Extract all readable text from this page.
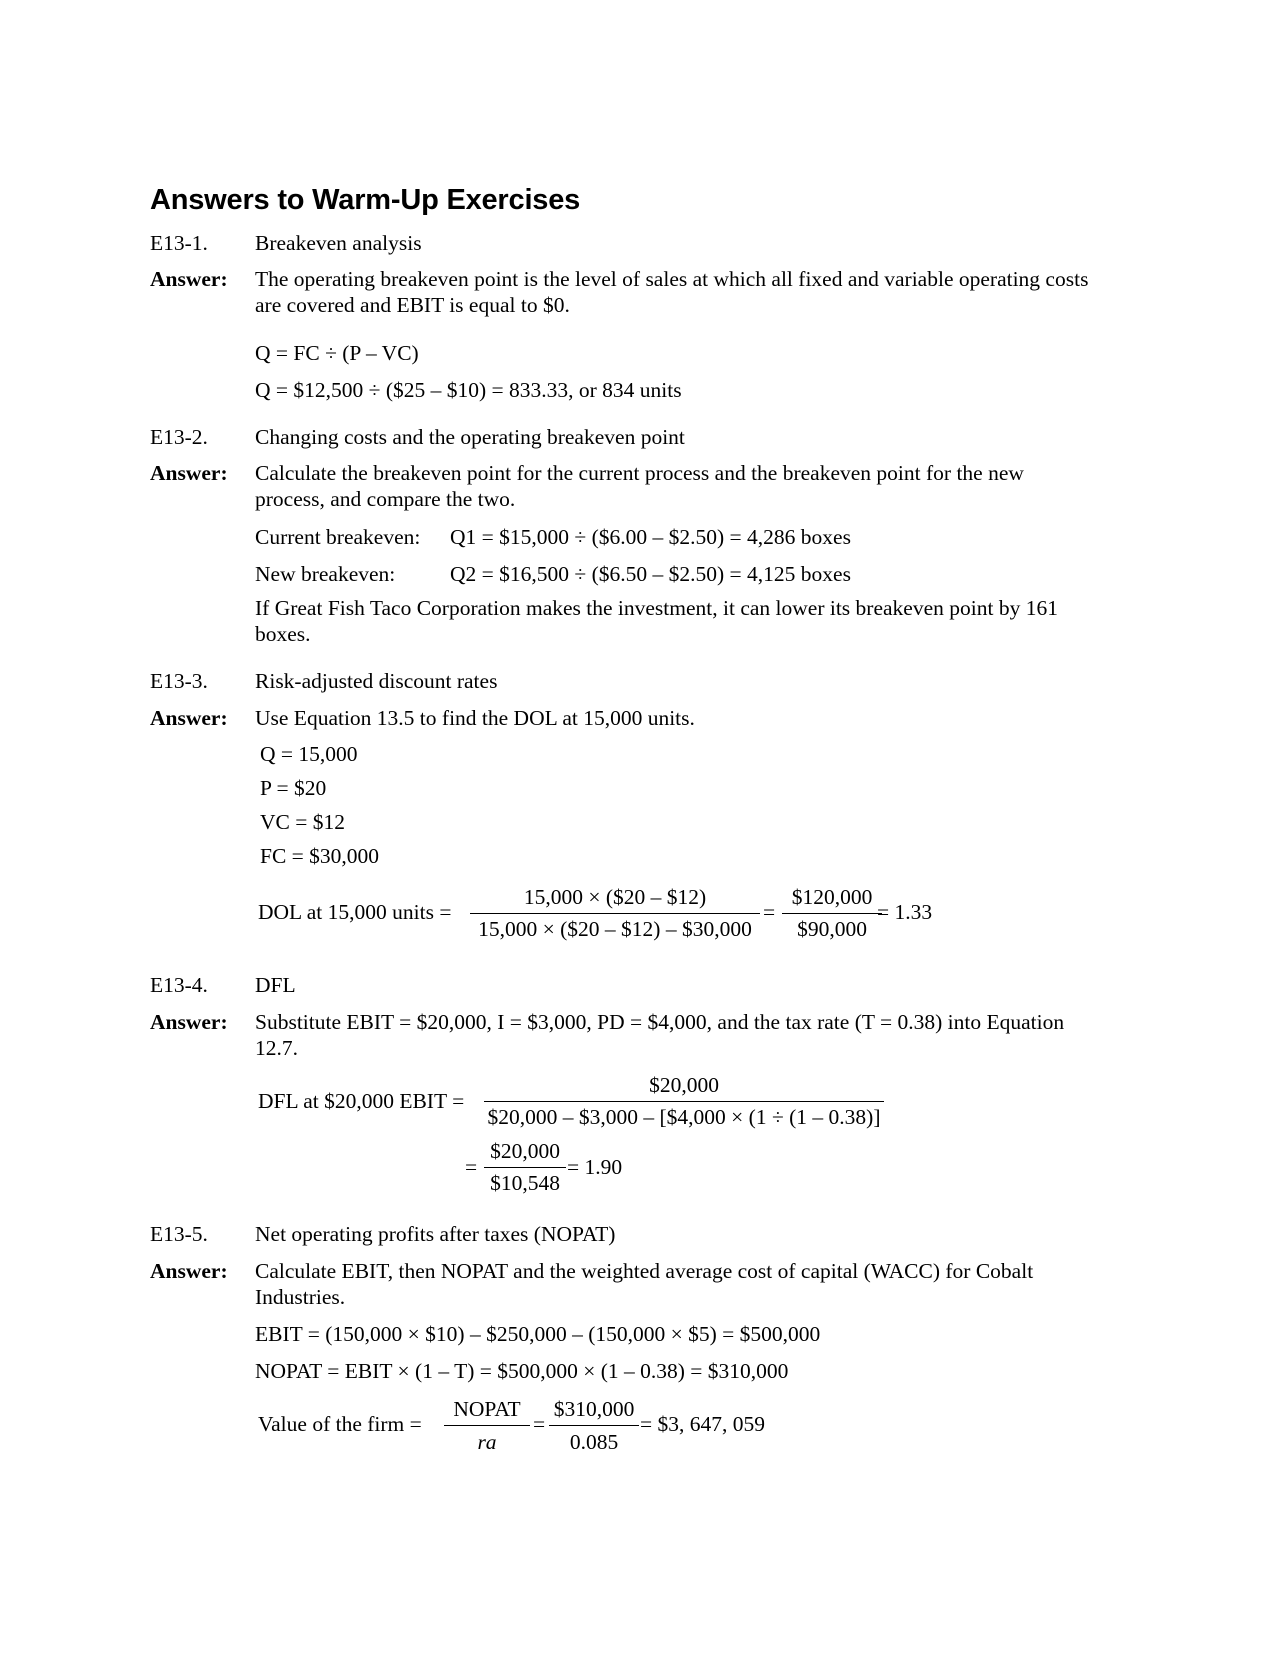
Answers to Warm-Up Exercises
E13-1. Breakeven analysis
Answer: The operating breakeven point is the level of sales at which all fixed and variable operating costs are covered and EBIT is equal to $0.
Q = FC ÷ (P – VC)
Q = $12,500 ÷ ($25 – $10) = 833.33, or 834 units
E13-2. Changing costs and the operating breakeven point
Answer: Calculate the breakeven point for the current process and the breakeven point for the new process, and compare the two.
Current breakeven: Q1 = $15,000 ÷ ($6.00 – $2.50) = 4,286 boxes
New breakeven:	Q2 = $16,500 ÷ ($6.50 – $2.50) = 4,125 boxes
If Great Fish Taco Corporation makes the investment, it can lower its breakeven point by 161 boxes.
E13-3. Risk-adjusted discount rates
Answer: Use Equation 13.5 to find the DOL at 15,000 units.
Q = 15,000
P = $20
VC = $12
FC = $30,000
DOL at 15,000 units =
15,000 × ($20 – $12)
15,000 × ($20 – $12) – $30,000
=
$120,000
$90,000
= 1.33
E13-4. DFL
Answer: Substitute EBIT = $20,000, I = $3,000, PD = $4,000, and the tax rate (T = 0.38) into Equation 12.7.
DFL at $20,000 EBIT =
$20,000
$20,000 – $3,000 – [$4,000 × (1 ÷ (1 – 0.38)]
=
$20,000
$10,548
= 1.90
E13-5. Net operating profits after taxes (NOPAT)
Answer: Calculate EBIT, then NOPAT and the weighted average cost of capital (WACC) for Cobalt Industries.
EBIT = (150,000 × $10) – $250,000 – (150,000 × $5) = $500,000
NOPAT = EBIT × (1 – T) = $500,000 × (1 – 0.38) = $310,000
Value of the firm =
NOPAT
ra
=
$310,000
0.085
= $3, 647, 059
